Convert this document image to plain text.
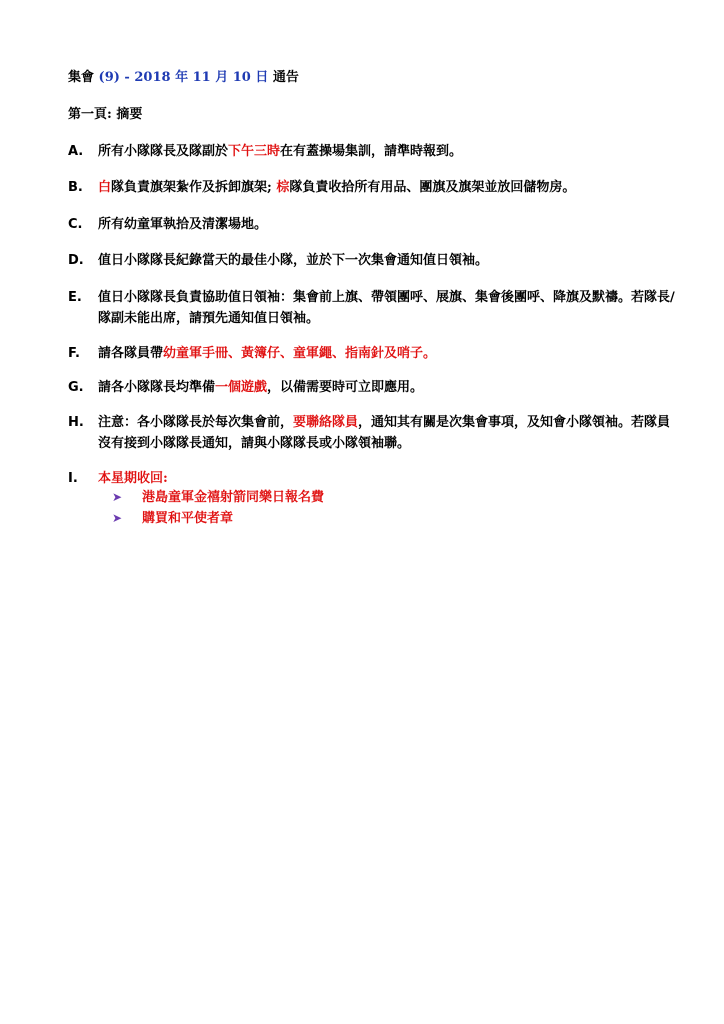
集會 (9) - 2018 年 11 月 10 日 通告
第一頁: 摘要
A.	所有小隊隊長及隊副於下午三時在有蓋操場集訓，請準時報到。
B.	白隊負責旗架紮作及拆卸旗架; 棕隊負責收拾所有用品、團旗及旗架並放回儲物房。
C.	所有幼童軍執拾及清潔場地。
D.	值日小隊隊長紀錄當天的最佳小隊，並於下一次集會通知值日領袖。
E.	值日小隊隊長負責協助值日領袖：集會前上旗、帶領團呼、展旗、集會後團呼、降旗及默禱。若隊長/隊副未能出席，請預先通知值日領袖。
F.	請各隊員帶幼童軍手冊、黃簿仔、童軍繩、指南針及哨子。
G.	請各小隊隊長均準備一個遊戲，以備需要時可立即應用。
H.	注意：各小隊隊長於每次集會前，要聯絡隊員，通知其有關是次集會事項，及知會小隊領袖。若隊員沒有接到小隊隊長通知，請與小隊隊長或小隊領袖聯。
I.	本星期收回:
➤	港島童軍金禧射箭同樂日報名費
➤	購買和平使者章
